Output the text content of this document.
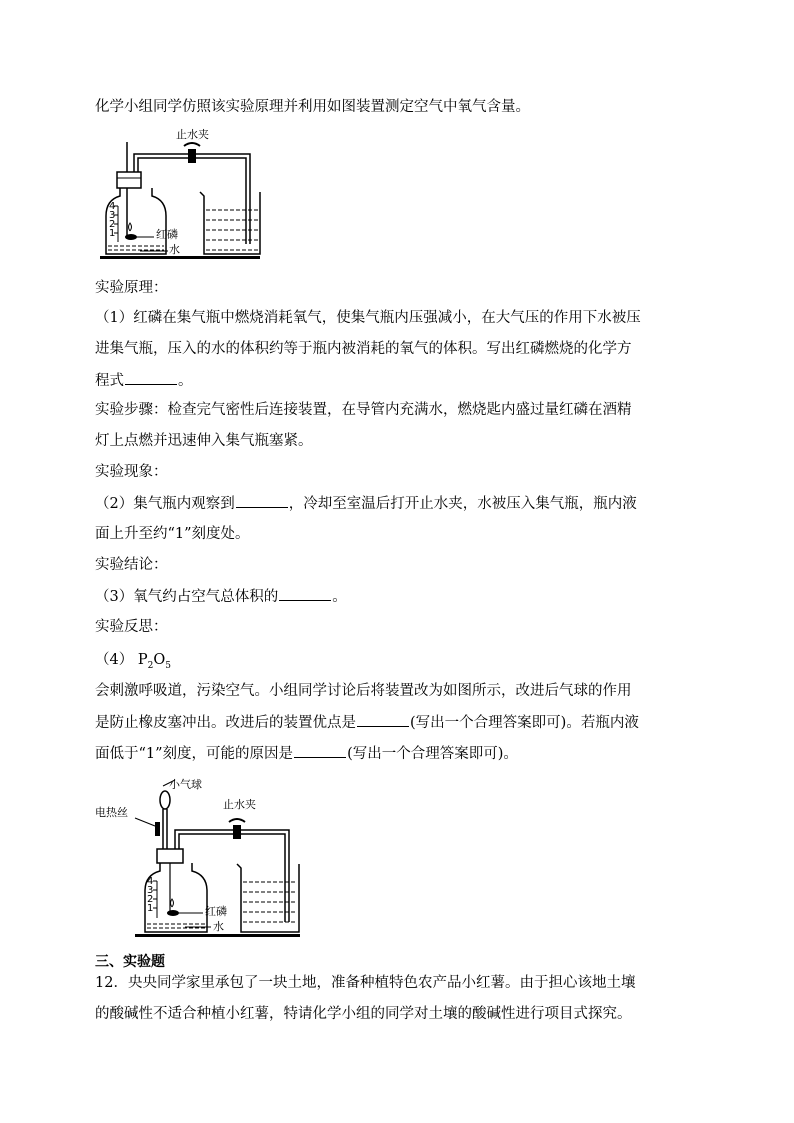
化学小组同学仿照该实验原理并利用如图装置测定空气中氧气含量。
4
3
2
1
止水夹
红磷
水
实验原理：
（1）红磷在集气瓶中燃烧消耗氧气，使集气瓶内压强减小，在大气压的作用下水被压
进集气瓶，压入的水的体积约等于瓶内被消耗的氧气的体积。写出红磷燃烧的化学方
程式	。
实验步骤：检查完气密性后连接装置，在导管内充满水，燃烧匙内盛过量红磷在酒精
灯上点燃并迅速伸入集气瓶塞紧。
实验现象：
（2）集气瓶内观察到	，冷却至室温后打开止水夹，水被压入集气瓶，瓶内液
面上升至约“1”刻度处。
实验结论：
（3）氧气约占空气总体积的	。
实验反思：
（4） $P_2O_5$
会刺激呼吸道，污染空气。小组同学讨论后将装置改为如图所示，改进后气球的作用
是防止橡皮塞冲出。改进后的装置优点是	(写出一个合理答案即可)。若瓶内液
面低于“1”刻度，可能的原因是	(写出一个合理答案即可)。
小气球
电热丝
4
3
2
1	红磷
水
止水夹
三、实验题
12．央央同学家里承包了一块土地，准备种植特色农产品小红薯。由于担心该地土壤
的酸碱性不适合种植小红薯，特请化学小组的同学对土壤的酸碱性进行项目式探究。
